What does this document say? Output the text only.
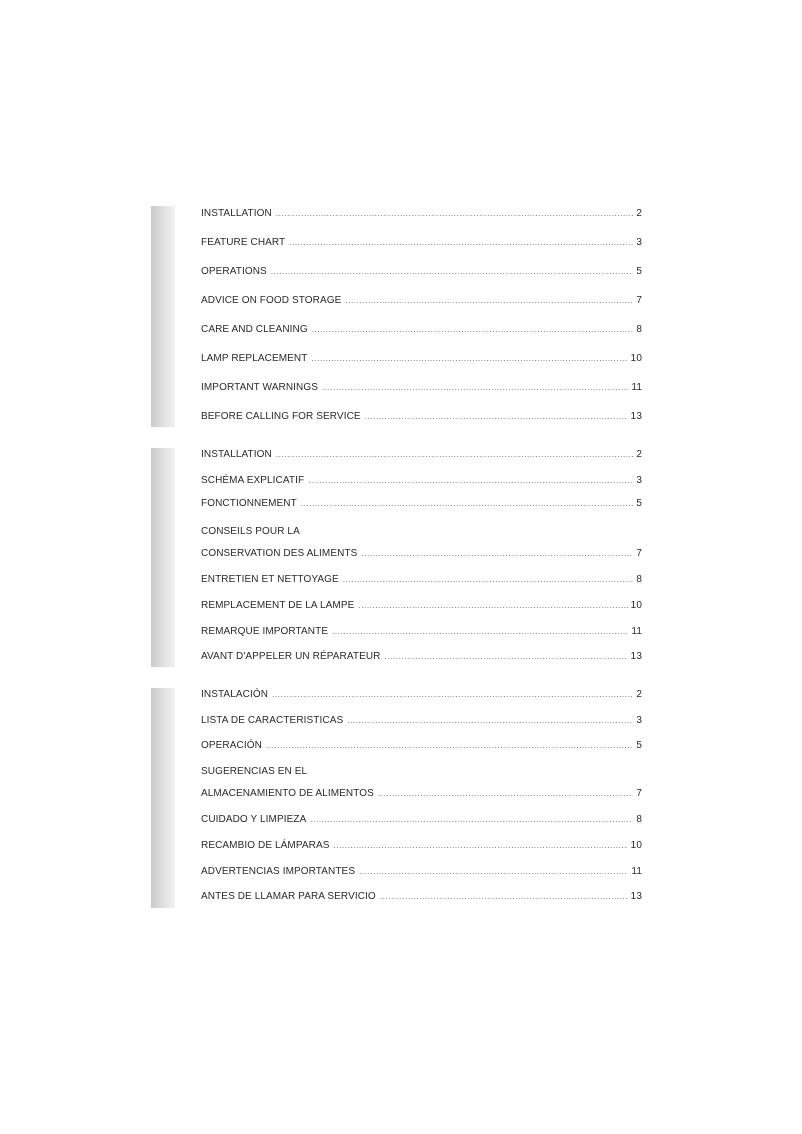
INSTALLATION .....	2
FEATURE CHART .....	3
OPERATIONS .....	5
ADVICE ON FOOD STORAGE .....	7
CARE AND CLEANING .....	8
LAMP REPLACEMENT .....	10
IMPORTANT WARNINGS .....	11
BEFORE CALLING FOR SERVICE .....	13
INSTALLATION .....	2
SCHÉMA EXPLICATIF .....	3
FONCTIONNEMENT .....	5
CONSEILS POUR LA
CONSERVATION DES ALIMENTS .....	7
ENTRETIEN ET NETTOYAGE .....	8
REMPLACEMENT DE LA LAMPE .....	10
REMARQUE IMPORTANTE .....	11
AVANT D'APPELER UN RÉPARATEUR .....	13
INSTALACIÓN .....	2
LISTA DE CARACTERISTICAS .....	3
OPERACIÓN .....	5
SUGERENCIAS EN EL
ALMACENAMIENTO DE ALIMENTOS .....	7
CUIDADO Y LIMPIEZA .....	8
RECAMBIO DE LÁMPARAS .....	10
ADVERTENCIAS IMPORTANTES .....	11
ANTES DE LLAMAR PARA SERVICIO .....	13
